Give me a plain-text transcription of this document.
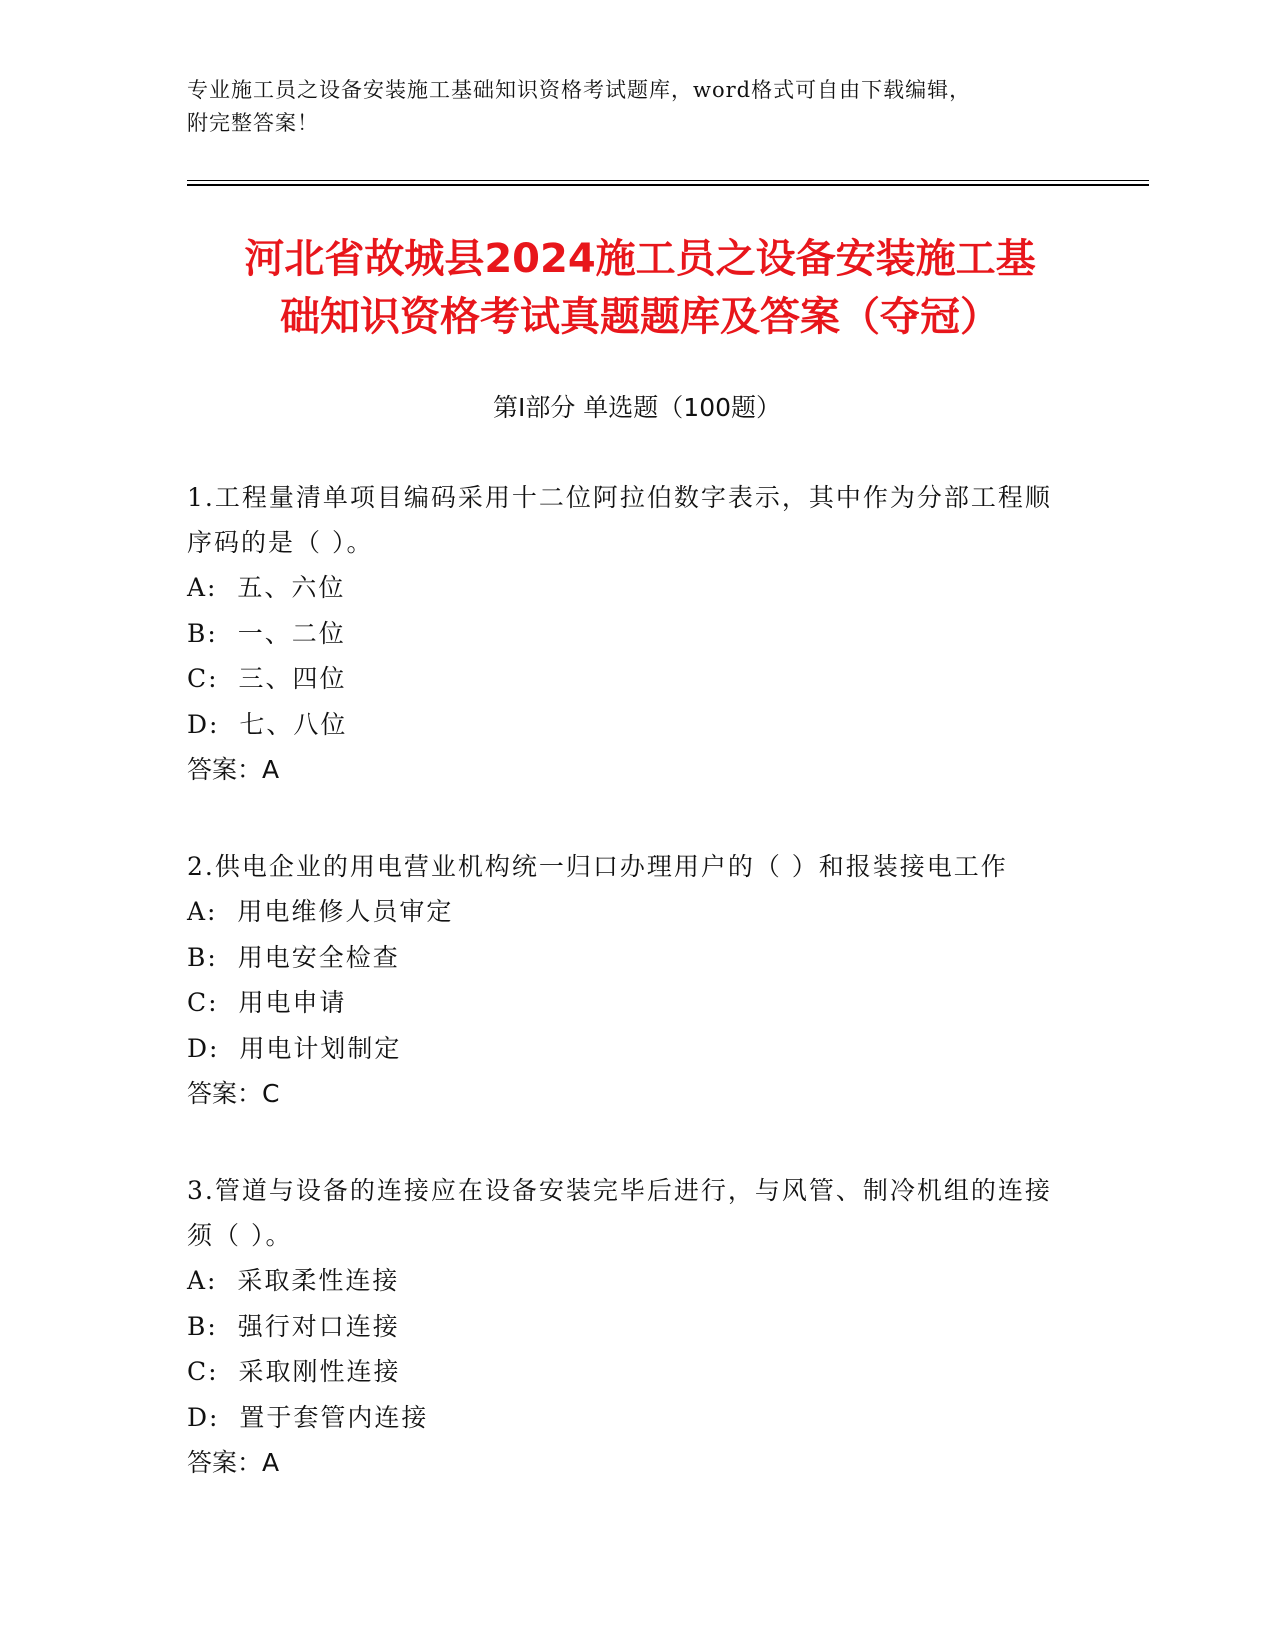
专业施工员之设备安装施工基础知识资格考试题库，word格式可自由下载编辑，
附完整答案！
河北省故城县2024施工员之设备安装施工基
础知识资格考试真题题库及答案（夺冠）
第Ⅰ部分 单选题（100题）
1.工程量清单项目编码采用十二位阿拉伯数字表示，其中作为分部工程顺序码的是（ ）。
A:  五、六位
B:  一、二位
C:  三、四位
D:  七、八位
答案：A
2.供电企业的用电营业机构统一归口办理用户的（ ）和报装接电工作
A:  用电维修人员审定
B:  用电安全检查
C:  用电申请
D:  用电计划制定
答案：C
3.管道与设备的连接应在设备安装完毕后进行，与风管、制冷机组的连接须（ ）。
A:  采取柔性连接
B:  强行对口连接
C:  采取刚性连接
D:  置于套管内连接
答案：A
